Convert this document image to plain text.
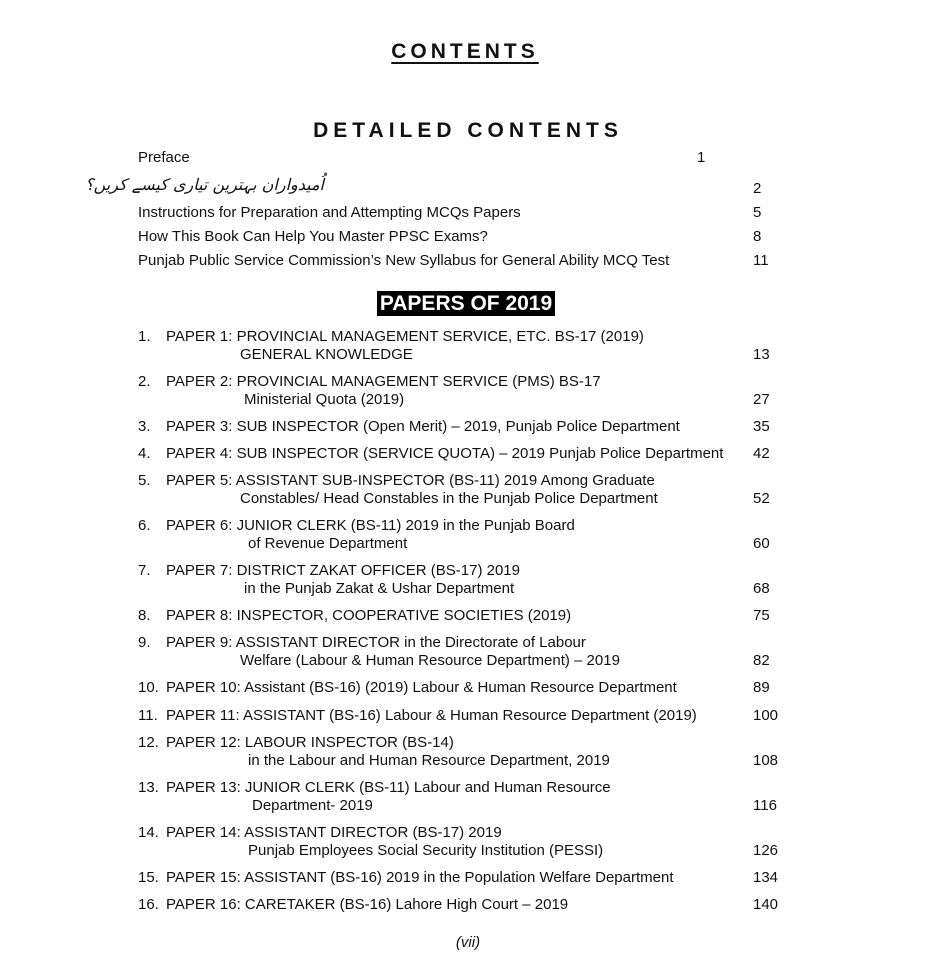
CONTENTS
DETAILED CONTENTS
Preface	1
اُمیدواران بہترین تیاری کیسے کریں؟	2
Instructions for Preparation and Attempting MCQs Papers	5
How This Book Can Help You Master PPSC Exams?	8
Punjab Public Service Commission’s New Syllabus for General Ability MCQ Test	11
PAPERS OF 2019
1. PAPER 1: PROVINCIAL MANAGEMENT SERVICE, ETC. BS-17 (2019)
GENERAL KNOWLEDGE	13
2. PAPER 2: PROVINCIAL MANAGEMENT SERVICE (PMS) BS-17
Ministerial Quota (2019)	27
3. PAPER 3: SUB INSPECTOR (Open Merit) – 2019, Punjab Police Department	35
4. PAPER 4: SUB INSPECTOR (SERVICE QUOTA) – 2019 Punjab Police Department 42
5. PAPER 5: ASSISTANT SUB-INSPECTOR (BS-11) 2019 Among Graduate
Constables/ Head Constables in the Punjab Police Department	52
6. PAPER 6: JUNIOR CLERK (BS-11) 2019 in the Punjab Board
of Revenue Department	60
7. PAPER 7: DISTRICT ZAKAT OFFICER (BS-17) 2019
in the Punjab Zakat & Ushar Department	68
8. PAPER 8: INSPECTOR, COOPERATIVE SOCIETIES (2019)	75
9. PAPER 9: ASSISTANT DIRECTOR in the Directorate of Labour
Welfare (Labour & Human Resource Department) – 2019	82
10. PAPER 10: Assistant (BS-16) (2019) Labour & Human Resource Department	89
11. PAPER 11: ASSISTANT (BS-16) Labour & Human Resource Department (2019)	100
12. PAPER 12: LABOUR INSPECTOR (BS-14)
in the Labour and Human Resource Department, 2019	108
13. PAPER 13: JUNIOR CLERK (BS-11) Labour and Human Resource
Department- 2019	116
14. PAPER 14: ASSISTANT DIRECTOR (BS-17) 2019
Punjab Employees Social Security Institution (PESSI)	126
15. PAPER 15: ASSISTANT (BS-16) 2019 in the Population Welfare Department	134
16. PAPER 16: CARETAKER (BS-16) Lahore High Court – 2019	140
(vii)
